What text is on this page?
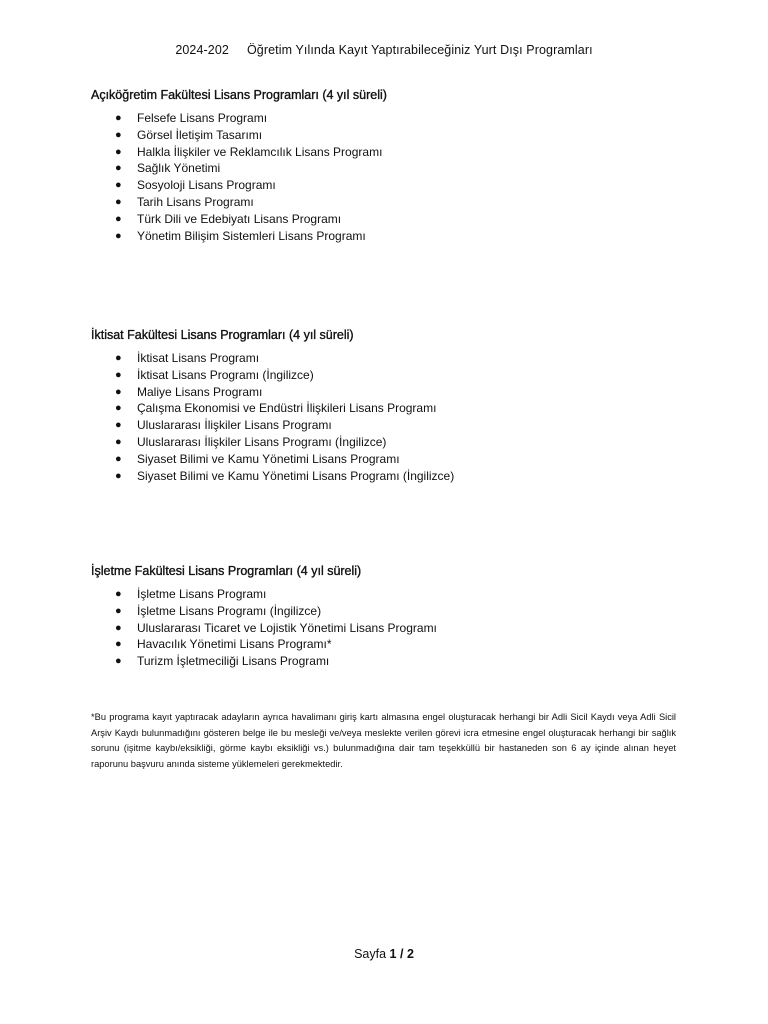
2024-202 Öğretim Yılında Kayıt Yaptırabileceğiniz Yurt Dışı Programları

Açıköğretim Fakültesi Lisans Programları (4 yıl süreli)

● Felsefe Lisans Programı
● Görsel İletişim Tasarımı
● Halkla İlişkiler ve Reklamcılık Lisans Programı
● Sağlık Yönetimi
● Sosyoloji Lisans Programı
● Tarih Lisans Programı
● Türk Dili ve Edebiyatı Lisans Programı
● Yönetim Bilişim Sistemleri Lisans Programı

İktisat Fakültesi Lisans Programları (4 yıl süreli)

● İktisat Lisans Programı
● İktisat Lisans Programı (İngilizce)
● Maliye Lisans Programı
● Çalışma Ekonomisi ve Endüstri İlişkileri Lisans Programı
● Uluslararası İlişkiler Lisans Programı
● Uluslararası İlişkiler Lisans Programı (İngilizce)
● Siyaset Bilimi ve Kamu Yönetimi Lisans Programı
● Siyaset Bilimi ve Kamu Yönetimi Lisans Programı (İngilizce)

İşletme Fakültesi Lisans Programları (4 yıl süreli)

● İşletme Lisans Programı
● İşletme Lisans Programı (İngilizce)
● Uluslararası Ticaret ve Lojistik Yönetimi Lisans Programı
● Havacılık Yönetimi Lisans Programı*
● Turizm İşletmeciliği Lisans Programı

*Bu programa kayıt yaptıracak adayların ayrıca havalimanı giriş kartı almasına engel oluşturacak herhangi bir Adli Sicil Kaydı veya Adli Sicil Arşiv Kaydı bulunmadığını gösteren belge ile bu mesleği ve/veya meslekte verilen görevi icra etmesine engel oluşturacak herhangi bir sağlık sorunu (işitme kaybı/eksikliği, görme kaybı eksikliği vs.) bulunmadığına dair tam teşekküllü bir hastaneden son 6 ay içinde alınan heyet raporunu başvuru anında sisteme yüklemeleri gerekmektedir.

Sayfa 1 / 2
